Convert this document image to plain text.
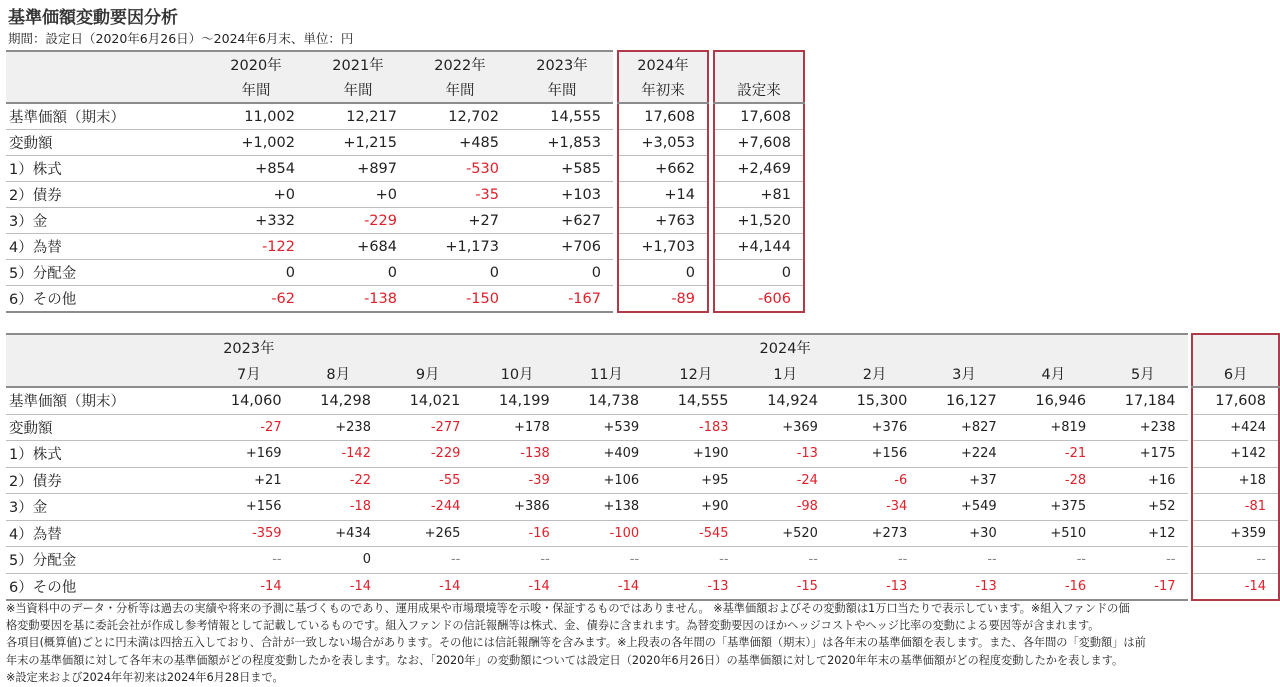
基準価額変動要因分析
期間：設定日（2020年6月26日）〜2024年6月末、単位：円
	2020年	2021年	2022年	2023年		2024年		
	年間	年間	年間	年間		年初来		設定来
基準価額（期末）	11,002	12,217	12,702	14,555		17,608		17,608
変動額	+1,002	+1,215	+485	+1,853		+3,053		+7,608
1）株式	+854	+897	-530	+585		+662		+2,469
2）債券	+0	+0	-35	+103		+14		+81
3）金	+332	-229	+27	+627		+763		+1,520
4）為替	-122	+684	+1,173	+706		+1,703		+4,144
5）分配金	0	0	0	0		0		0
6）その他	-62	-138	-150	-167		-89		-606
	2023年						2024年						
	7月	8月	9月	10月	11月	12月	1月	2月	3月	4月	5月		6月
基準価額（期末）	14,060	14,298	14,021	14,199	14,738	14,555	14,924	15,300	16,127	16,946	17,184		17,608
変動額	-27	+238	-277	+178	+539	-183	+369	+376	+827	+819	+238		+424
1）株式	+169	-142	-229	-138	+409	+190	-13	+156	+224	-21	+175		+142
2）債券	+21	-22	-55	-39	+106	+95	-24	-6	+37	-28	+16		+18
3）金	+156	-18	-244	+386	+138	+90	-98	-34	+549	+375	+52		-81
4）為替	-359	+434	+265	-16	-100	-545	+520	+273	+30	+510	+12		+359
5）分配金	--	0	--	--	--	--	--	--	--	--	--		--
6）その他	-14	-14	-14	-14	-14	-13	-15	-13	-13	-16	-17		-14

※当資料中のデータ・分析等は過去の実績や将来の予測に基づくものであり、運用成果や市場環境等を示唆・保証するものではありません。 ※基準価額およびその変動額は1万口当たりで表示しています。※組入ファンドの価

格変動要因を基に委託会社が作成し参考情報として記載しているものです。組入ファンドの信託報酬等は株式、金、債券に含まれます。為替変動要因のほかヘッジコストやヘッジ比率の変動による要因等が含まれます。

各項目(概算値)ごとに円未満は四捨五入しており、合計が一致しない場合があります。その他には信託報酬等を含みます。※上段表の各年間の「基準価額（期末）」は各年末の基準価額を表します。また、各年間の「変動額」は前

年末の基準価額に対して各年末の基準価額がどの程度変動したかを表します。なお、「2020年」の変動額については設定日（2020年6月26日）の基準価額に対して2020年年末の基準価額がどの程度変動したかを表します。

※設定来および2024年年初来は2024年6月28日まで。
